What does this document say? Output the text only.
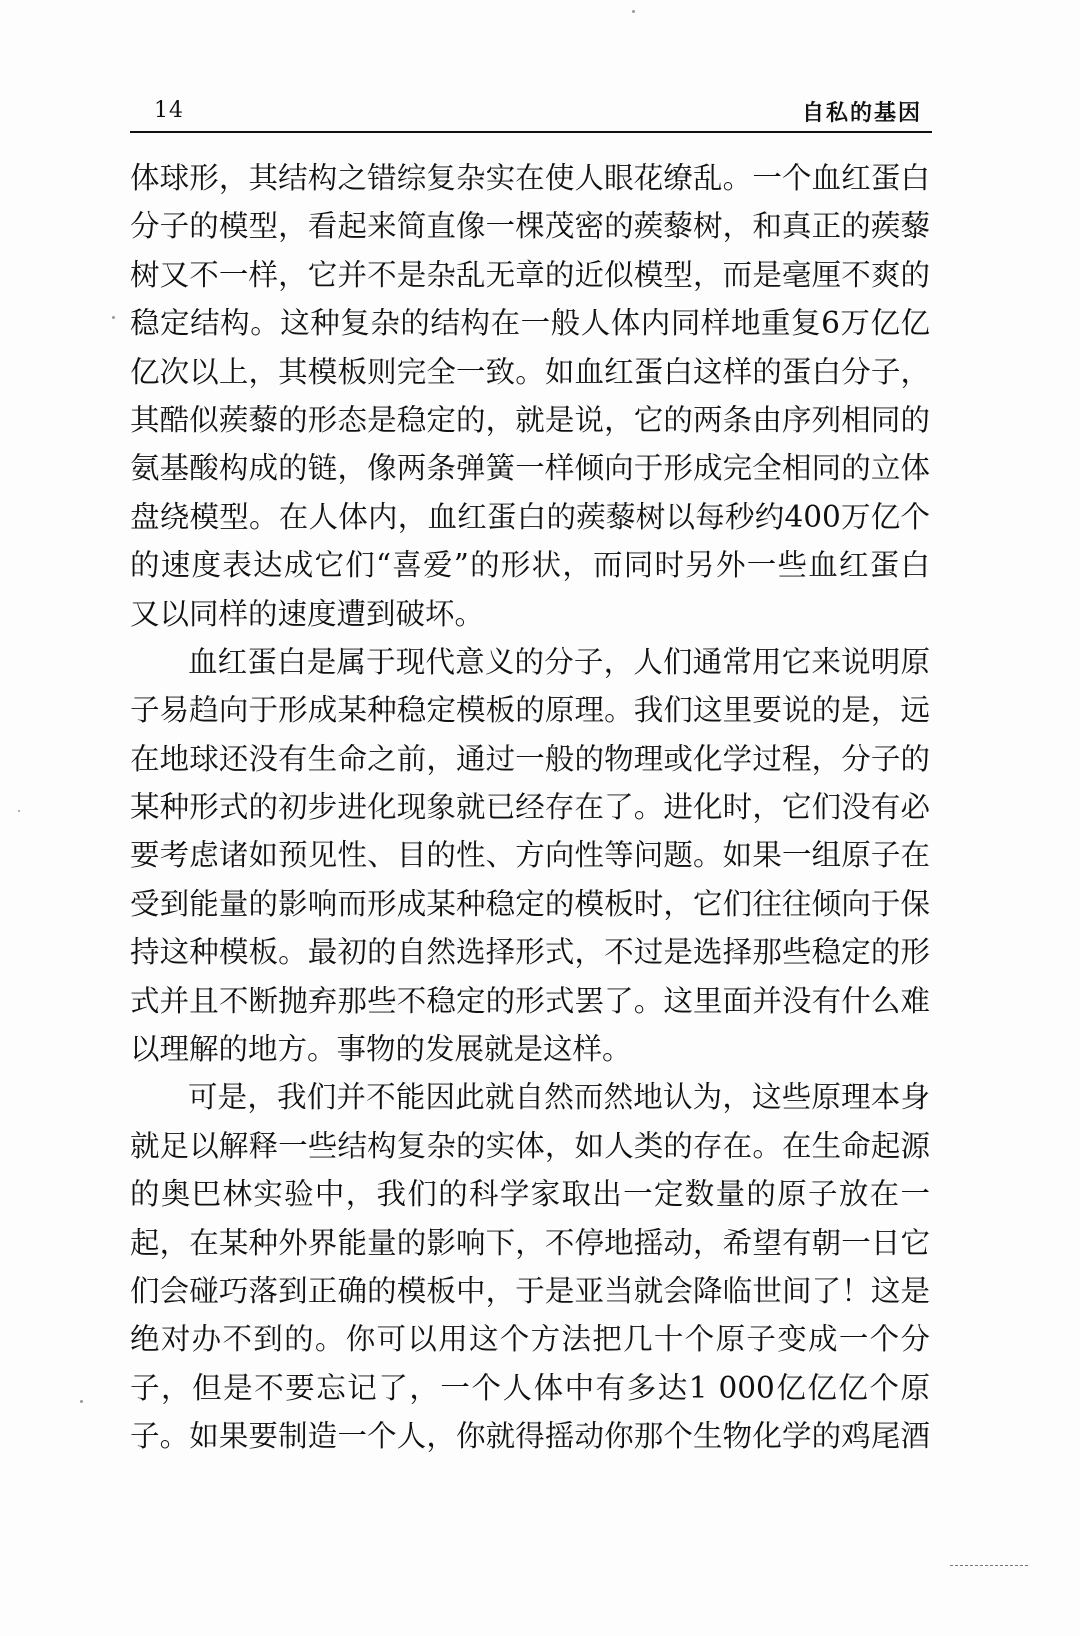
14	自私的基因
体球形，其结构之错综复杂实在使人眼花缭乱。一个血红蛋白
分子的模型，看起来简直像一棵茂密的蒺藜树，和真正的蒺藜
树又不一样，它并不是杂乱无章的近似模型，而是毫厘不爽的
稳定结构。这种复杂的结构在一般人体内同样地重复6万亿亿
亿次以上，其模板则完全一致。如血红蛋白这样的蛋白分子，
其酷似蒺藜的形态是稳定的，就是说，它的两条由序列相同的
氨基酸构成的链，像两条弹簧一样倾向于形成完全相同的立体
盘绕模型。在人体内，血红蛋白的蒺藜树以每秒约400万亿个
的速度表达成它们“喜爱”的形状，而同时另外一些血红蛋白
又以同样的速度遭到破坏。
血红蛋白是属于现代意义的分子，人们通常用它来说明原
子易趋向于形成某种稳定模板的原理。我们这里要说的是，远
在地球还没有生命之前，通过一般的物理或化学过程，分子的
某种形式的初步进化现象就已经存在了。进化时，它们没有必
要考虑诸如预见性、目的性、方向性等问题。如果一组原子在
受到能量的影响而形成某种稳定的模板时，它们往往倾向于保
持这种模板。最初的自然选择形式，不过是选择那些稳定的形
式并且不断抛弃那些不稳定的形式罢了。这里面并没有什么难
以理解的地方。事物的发展就是这样。
可是，我们并不能因此就自然而然地认为，这些原理本身
就足以解释一些结构复杂的实体，如人类的存在。在生命起源
的奥巴林实验中，我们的科学家取出一定数量的原子放在一
起，在某种外界能量的影响下，不停地摇动，希望有朝一日它
们会碰巧落到正确的模板中，于是亚当就会降临世间了！这是
绝对办不到的。你可以用这个方法把几十个原子变成一个分
子，但是不要忘记了，一个人体中有多达1 000亿亿亿个原
子。如果要制造一个人，你就得摇动你那个生物化学的鸡尾酒
